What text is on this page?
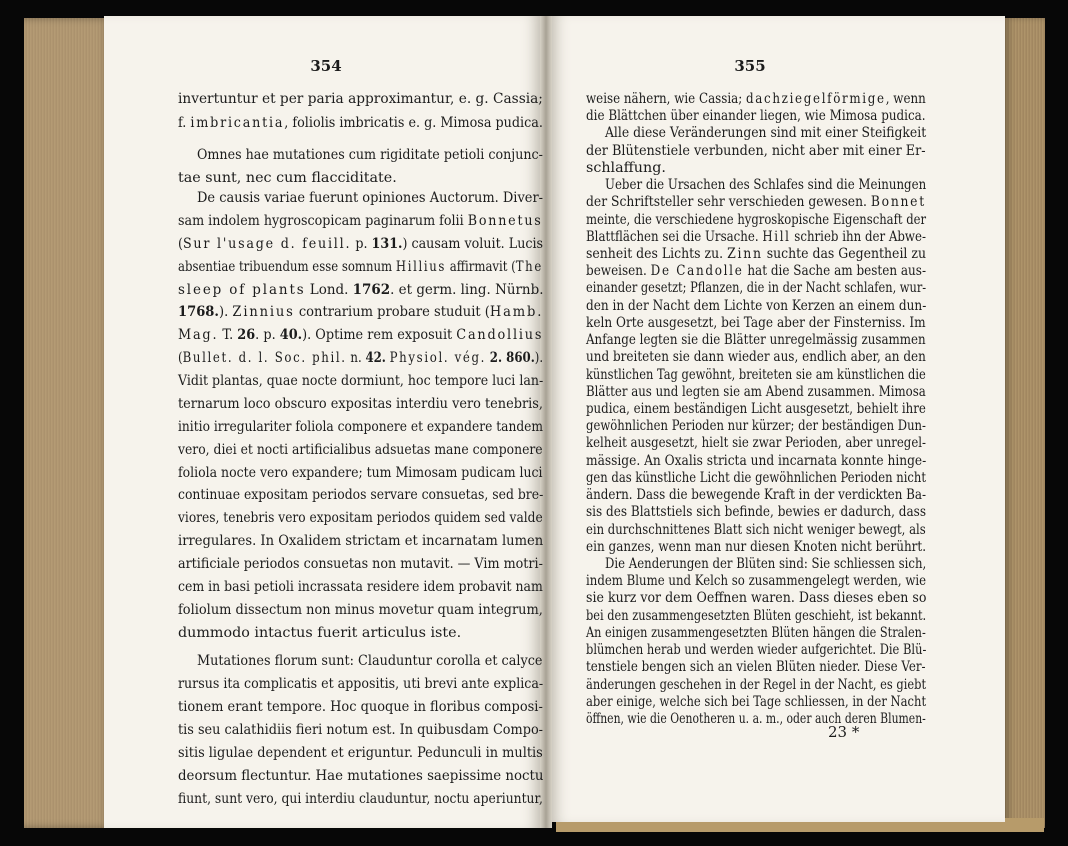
354	355
invertuntur et per paria approximantur, e. g. Cassia;
f. imbricantia, foliolis imbricatis e. g. Mimosa pudica.
Omnes hae mutationes cum rigiditate petioli conjunc-
tae sunt, nec cum flacciditate.
De causis variae fuerunt opiniones Auctorum. Diver-
sam indolem hygroscopicam paginarum folii Bonnetus
(Sur l'usage d. feuill. p. 131.) causam voluit. Lucis
absentiae tribuendum esse somnum Hillius affirmavit (The
sleep of plants Lond. 1762. et germ. ling. Nürnb.
1768.). Zinnius contrarium probare studuit (Hamb.
Mag. T. 26. p. 40.). Optime rem exposuit Candollius
(Bullet. d. l. Soc. phil. n. 42. Physiol. vég. 2. 860.).
Vidit plantas, quae nocte dormiunt, hoc tempore luci lan-
ternarum loco obscuro expositas interdiu vero tenebris,
initio irregulariter foliola componere et expandere tandem
vero, diei et nocti artificialibus adsuetas mane componere
foliola nocte vero expandere; tum Mimosam pudicam luci
continuae expositam periodos servare consuetas, sed bre-
viores, tenebris vero expositam periodos quidem sed valde
irregulares. In Oxalidem strictam et incarnatam lumen
artificiale periodos consuetas non mutavit. — Vim motri-
cem in basi petioli incrassata residere idem probavit nam
foliolum dissectum non minus movetur quam integrum,
dummodo intactus fuerit articulus iste.
Mutationes florum sunt: Clauduntur corolla et calyce
rursus ita complicatis et appositis, uti brevi ante explica-
tionem erant tempore. Hoc quoque in floribus composi-
tis seu calathidiis fieri notum est. In quibusdam Compo-
sitis ligulae dependent et eriguntur. Pedunculi in multis
deorsum flectuntur. Hae mutationes saepissime noctu
fiunt, sunt vero, qui interdiu clauduntur, noctu aperiuntur,
weise nähern, wie Cassia; dachziegelförmige, wenn
die Blättchen über einander liegen, wie Mimosa pudica.
Alle diese Veränderungen sind mit einer Steifigkeit
der Blütenstiele verbunden, nicht aber mit einer Er-
schlaffung.
Ueber die Ursachen des Schlafes sind die Meinungen
der Schriftsteller sehr verschieden gewesen. Bonnet
meinte, die verschiedene hygroskopische Eigenschaft der
Blattflächen sei die Ursache. Hill schrieb ihn der Abwe-
senheit des Lichts zu. Zinn suchte das Gegentheil zu
beweisen. De Candolle hat die Sache am besten aus-
einander gesetzt; Pflanzen, die in der Nacht schlafen, wur-
den in der Nacht dem Lichte von Kerzen an einem dun-
keln Orte ausgesetzt, bei Tage aber der Finsterniss. Im
Anfange legten sie die Blätter unregelmässig zusammen
und breiteten sie dann wieder aus, endlich aber, an den
künstlichen Tag gewöhnt, breiteten sie am künstlichen die
Blätter aus und legten sie am Abend zusammen. Mimosa
pudica, einem beständigen Licht ausgesetzt, behielt ihre
gewöhnlichen Perioden nur kürzer; der beständigen Dun-
kelheit ausgesetzt, hielt sie zwar Perioden, aber unregel-
mässige. An Oxalis stricta und incarnata konnte hinge-
gen das künstliche Licht die gewöhnlichen Perioden nicht
ändern. Dass die bewegende Kraft in der verdickten Ba-
sis des Blattstiels sich befinde, bewies er dadurch, dass
ein durchschnittenes Blatt sich nicht weniger bewegt, als
ein ganzes, wenn man nur diesen Knoten nicht berührt.
Die Aenderungen der Blüten sind: Sie schliessen sich,
indem Blume und Kelch so zusammengelegt werden, wie
sie kurz vor dem Oeffnen waren. Dass dieses eben so
bei den zusammengesetzten Blüten geschieht, ist bekannt.
An einigen zusammengesetzten Blüten hängen die Stralen-
blümchen herab und werden wieder aufgerichtet. Die Blü-
tenstiele bengen sich an vielen Blüten nieder. Diese Ver-
änderungen geschehen in der Regel in der Nacht, es giebt
aber einige, welche sich bei Tage schliessen, in der Nacht
öffnen, wie die Oenotheren u. a. m., oder auch deren Blumen-
23 *
